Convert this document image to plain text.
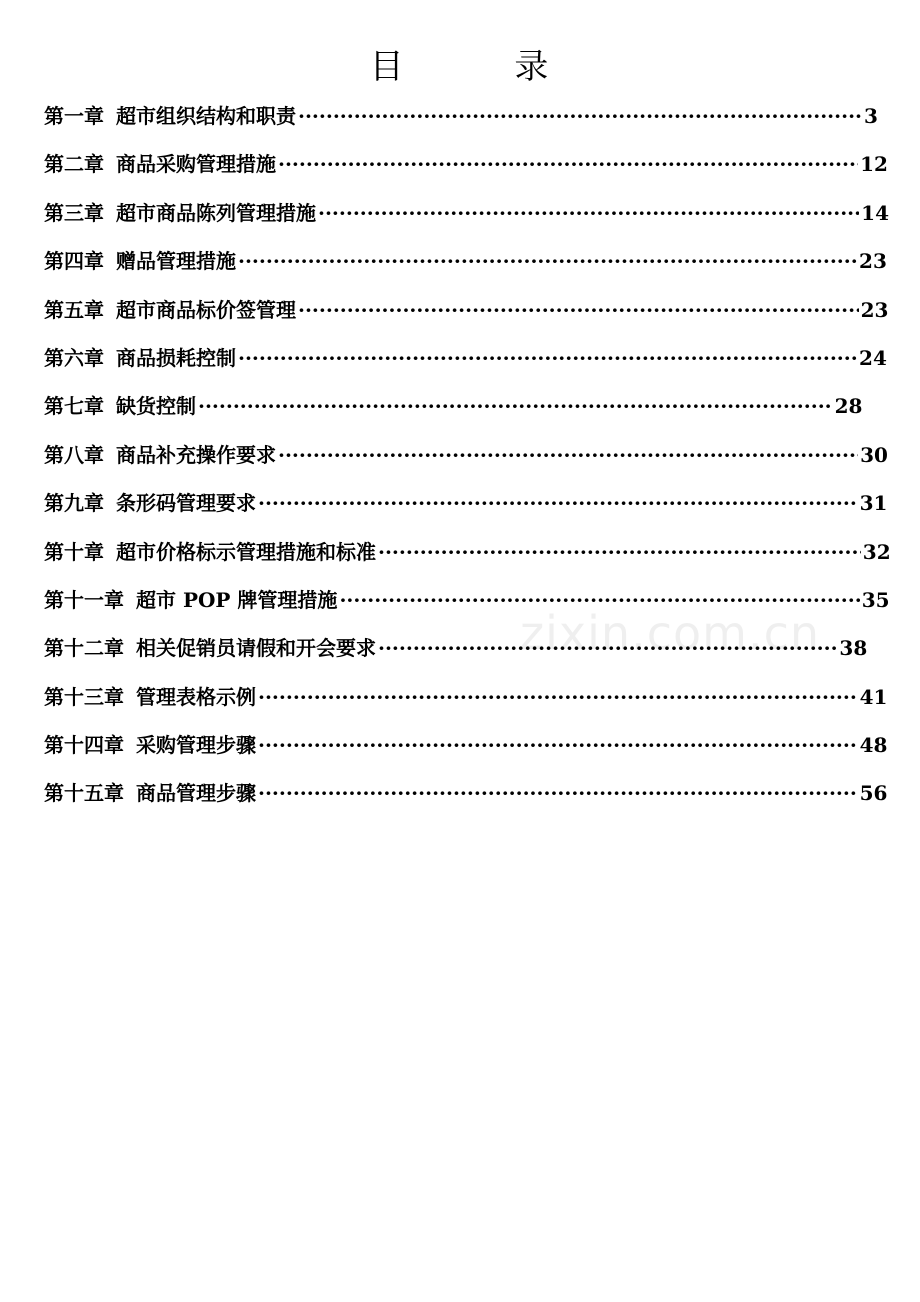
目 录
第一章 超市组织结构和职责 ·····	3
第二章 商品采购管理措施 ·····	12
第三章 超市商品陈列管理措施 ·····	14
第四章 赠品管理措施 ·····	23
第五章 超市商品标价签管理 ·····	23
第六章 商品损耗控制 ·····	24
第七章 缺货控制 ·····	28
第八章 商品补充操作要求 ·····	30
第九章 条形码管理要求 ·····	31
第十章 超市价格标示管理措施和标准 ·····	32
第十一章 超市 POP 牌管理措施 ·····	35
第十二章 相关促销员请假和开会要求 ·····	38
第十三章 管理表格示例 ·····	41
第十四章 采购管理步骤 ·····	48
第十五章 商品管理步骤 ·····	56
zixin.com.cn
